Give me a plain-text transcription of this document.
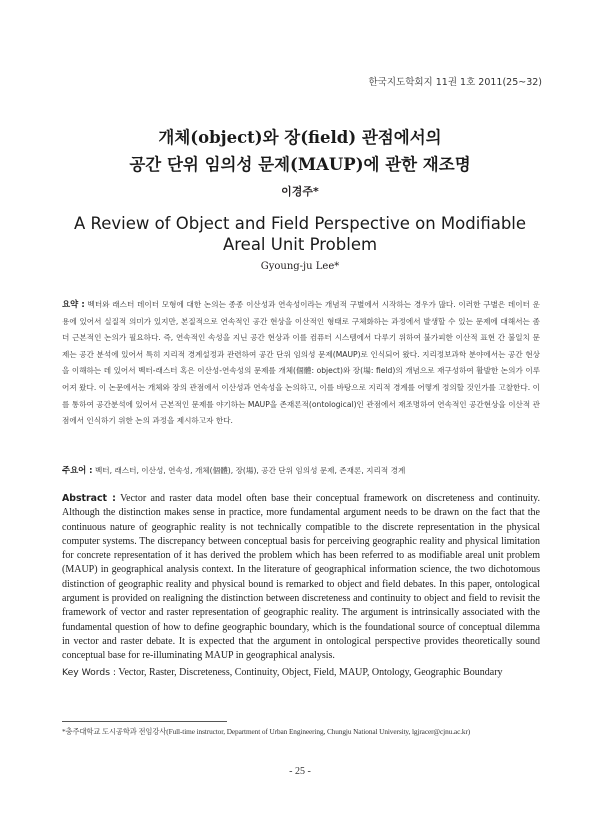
한국지도학회지 11권 1호 2011(25~32)
개체(object)와 장(field) 관점에서의
공간 단위 임의성 문제(MAUP)에 관한 재조명
이경주*
A Review of Object and Field Perspective on Modifiable Areal Unit Problem
Gyoung-ju Lee*
요약 : 벡터와 래스터 데이터 모형에 대한 논의는 종종 이산성과 연속성이라는 개념적 구별에서 시작하는 경우가 많다. 이러한 구별은 데이터 운용에 있어서 실질적 의미가 있지만, 본질적으로 연속적인 공간 현상을 이산적인 형태로 구체화하는 과정에서 발생할 수 있는 문제에 대해서는 좀 더 근본적인 논의가 필요하다. 즉, 연속적인 속성을 지닌 공간 현상과 이를 컴퓨터 시스템에서 다루기 위하여 불가피한 이산적 표현 간 불일치 문제는 공간 분석에 있어서 특히 지리적 경계설정과 관련하여 공간 단위 임의성 문제(MAUP)로 인식되어 왔다. 지리정보과학 분야에서는 공간 현상을 이해하는 데 있어서 벡터-래스터 혹은 이산성-연속성의 문제를 개체(個體: object)와 장(場: field)의 개념으로 재구성하여 활발한 논의가 이루어져 왔다. 이 논문에서는 개체와 장의 관점에서 이산성과 연속성을 논의하고, 이를 바탕으로 지리적 경계를 어떻게 정의할 것인가를 고찰한다. 이를 통하여 공간분석에 있어서 근본적인 문제를 야기하는 MAUP을 존재론적(ontological)인 관점에서 재조명하여 연속적인 공간현상을 이산적 관점에서 인식하기 위한 논의 과정을 제시하고자 한다.
주요어 : 벡터, 래스터, 이산성, 연속성, 개체(個體), 장(場), 공간 단위 임의성 문제, 존재론, 지리적 경계
Abstract : Vector and raster data model often base their conceptual framework on discreteness and continuity. Although the distinction makes sense in practice, more fundamental argument needs to be drawn on the fact that the continuous nature of geographic reality is not technically compatible to the discrete representation in the physical computer systems. The discrepancy between conceptual basis for perceiving geographic reality and physical limitation for concrete representation of it has derived the problem which has been referred to as modifiable areal unit problem (MAUP) in geographical analysis context. In the literature of geographical information science, the two dichotomous distinction of geographic reality and physical bound is remarked to object and field debates. In this paper, ontological argument is provided on realigning the distinction between discreteness and continuity to object and field to revisit the framework of vector and raster representation of geographic reality. The argument is intrinsically associated with the fundamental question of how to define geographic boundary, which is the foundational source of conceptual dilemma in vector and raster debate. It is expected that the argument in ontological perspective provides theoretically sound conceptual base for re-illuminating MAUP in geographical analysis.
Key Words : Vector, Raster, Discreteness, Continuity, Object, Field, MAUP, Ontology, Geographic Boundary
*충주대학교 도시공학과 전임강사(Full-time instructor, Department of Urban Engineering, Chungju National University, lgjracer@cjnu.ac.kr)
- 25 -
